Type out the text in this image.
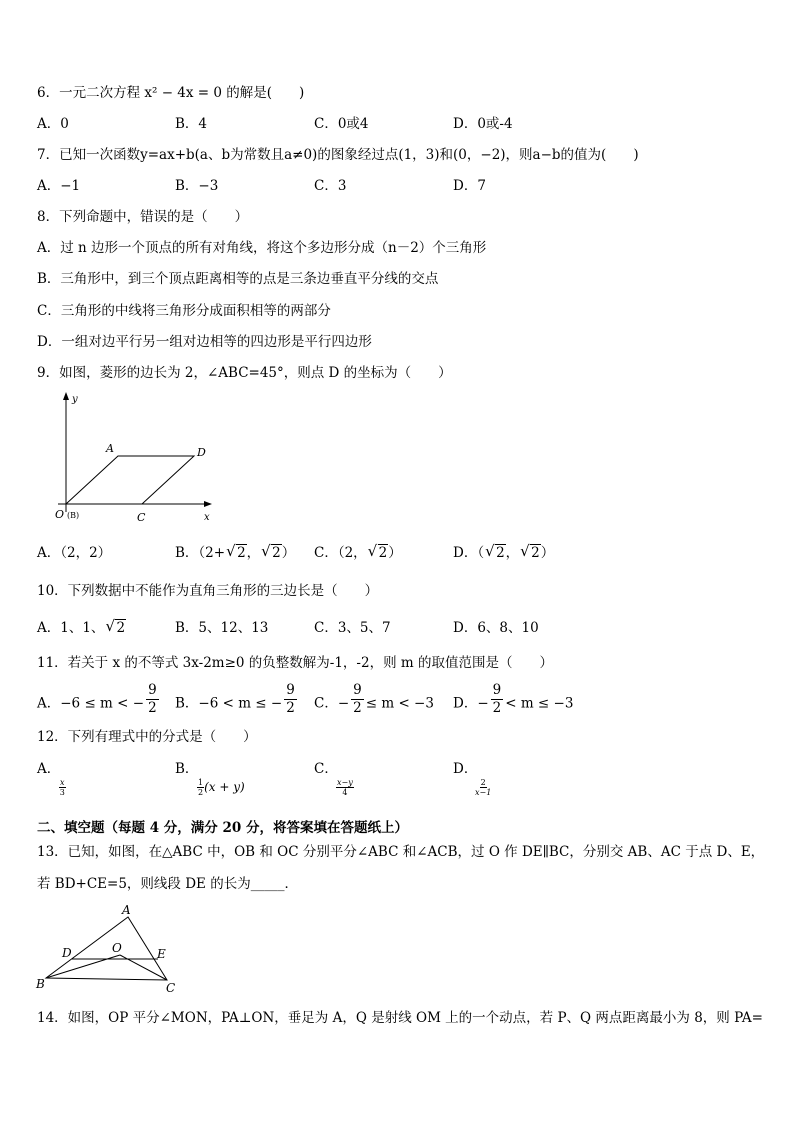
6．一元二次方程 x² − 4x = 0 的解是(　　)
A．0	B．4	C．0或4	D．0或-4
7．已知一次函数y=ax+b(a、b为常数且a≠0)的图象经过点(1，3)和(0，−2)，则a−b的值为(　　)
A．−1	B．−3	C．3	D．7
8．下列命题中，错误的是（　　）
A．过 n 边形一个顶点的所有对角线，将这个多边形分成（n－2）个三角形
B．三角形中，到三个顶点距离相等的点是三条边垂直平分线的交点
C．三角形的中线将三角形分成面积相等的两部分
D．一组对边平行另一组对边相等的四边形是平行四边形
9．如图，菱形的边长为 2，∠ABC=45°，则点 D 的坐标为（　　）
y
x
A	D
O (B)	C
A．（2，2）	B．（2+ √ 2， √ 2） C．（2， √ 2）	D．（ √ 2， √ 2）
10．下列数据中不能作为直角三角形的三边长是（　　）
A．1、1、 √ 2	B．5、12、13	C．3、5、7	D．6、8、10
11．若关于 x 的不等式 3x-2m≥0 的负整数解为-1，-2，则 m 的取值范围是（　　）
A．−6 ≤ m < − $\frac{9}{2}$ B．−6 < m ≤ − $\frac{9}{2}$ C．− $\frac{9}{2} \le m < -3$ D．− $\frac{9}{2} < m \le -3$
12．下列有理式中的分式是（　　）
A．

$\frac{x}{3}$
B．

$\frac{1}{2} (x + y)$
C．

$\frac{x-y}{4}$
D．

$\frac{2}{x-1}$
二、填空题（每题 4 分，满分 20 分，将答案填在答题纸上）
13．已知，如图，在△ABC 中，OB 和 OC 分别平分∠ABC 和∠ACB，过 O 作 DE∥BC，分别交 AB、AC 于点 D、E，
若 BD+CE=5，则线段 DE 的长为_____．
A
D	O	E
B	C
14．如图，OP 平分∠MON，PA⊥ON，垂足为 A，Q 是射线 OM 上的一个动点，若 P、Q 两点距离最小为 8，则 PA=
